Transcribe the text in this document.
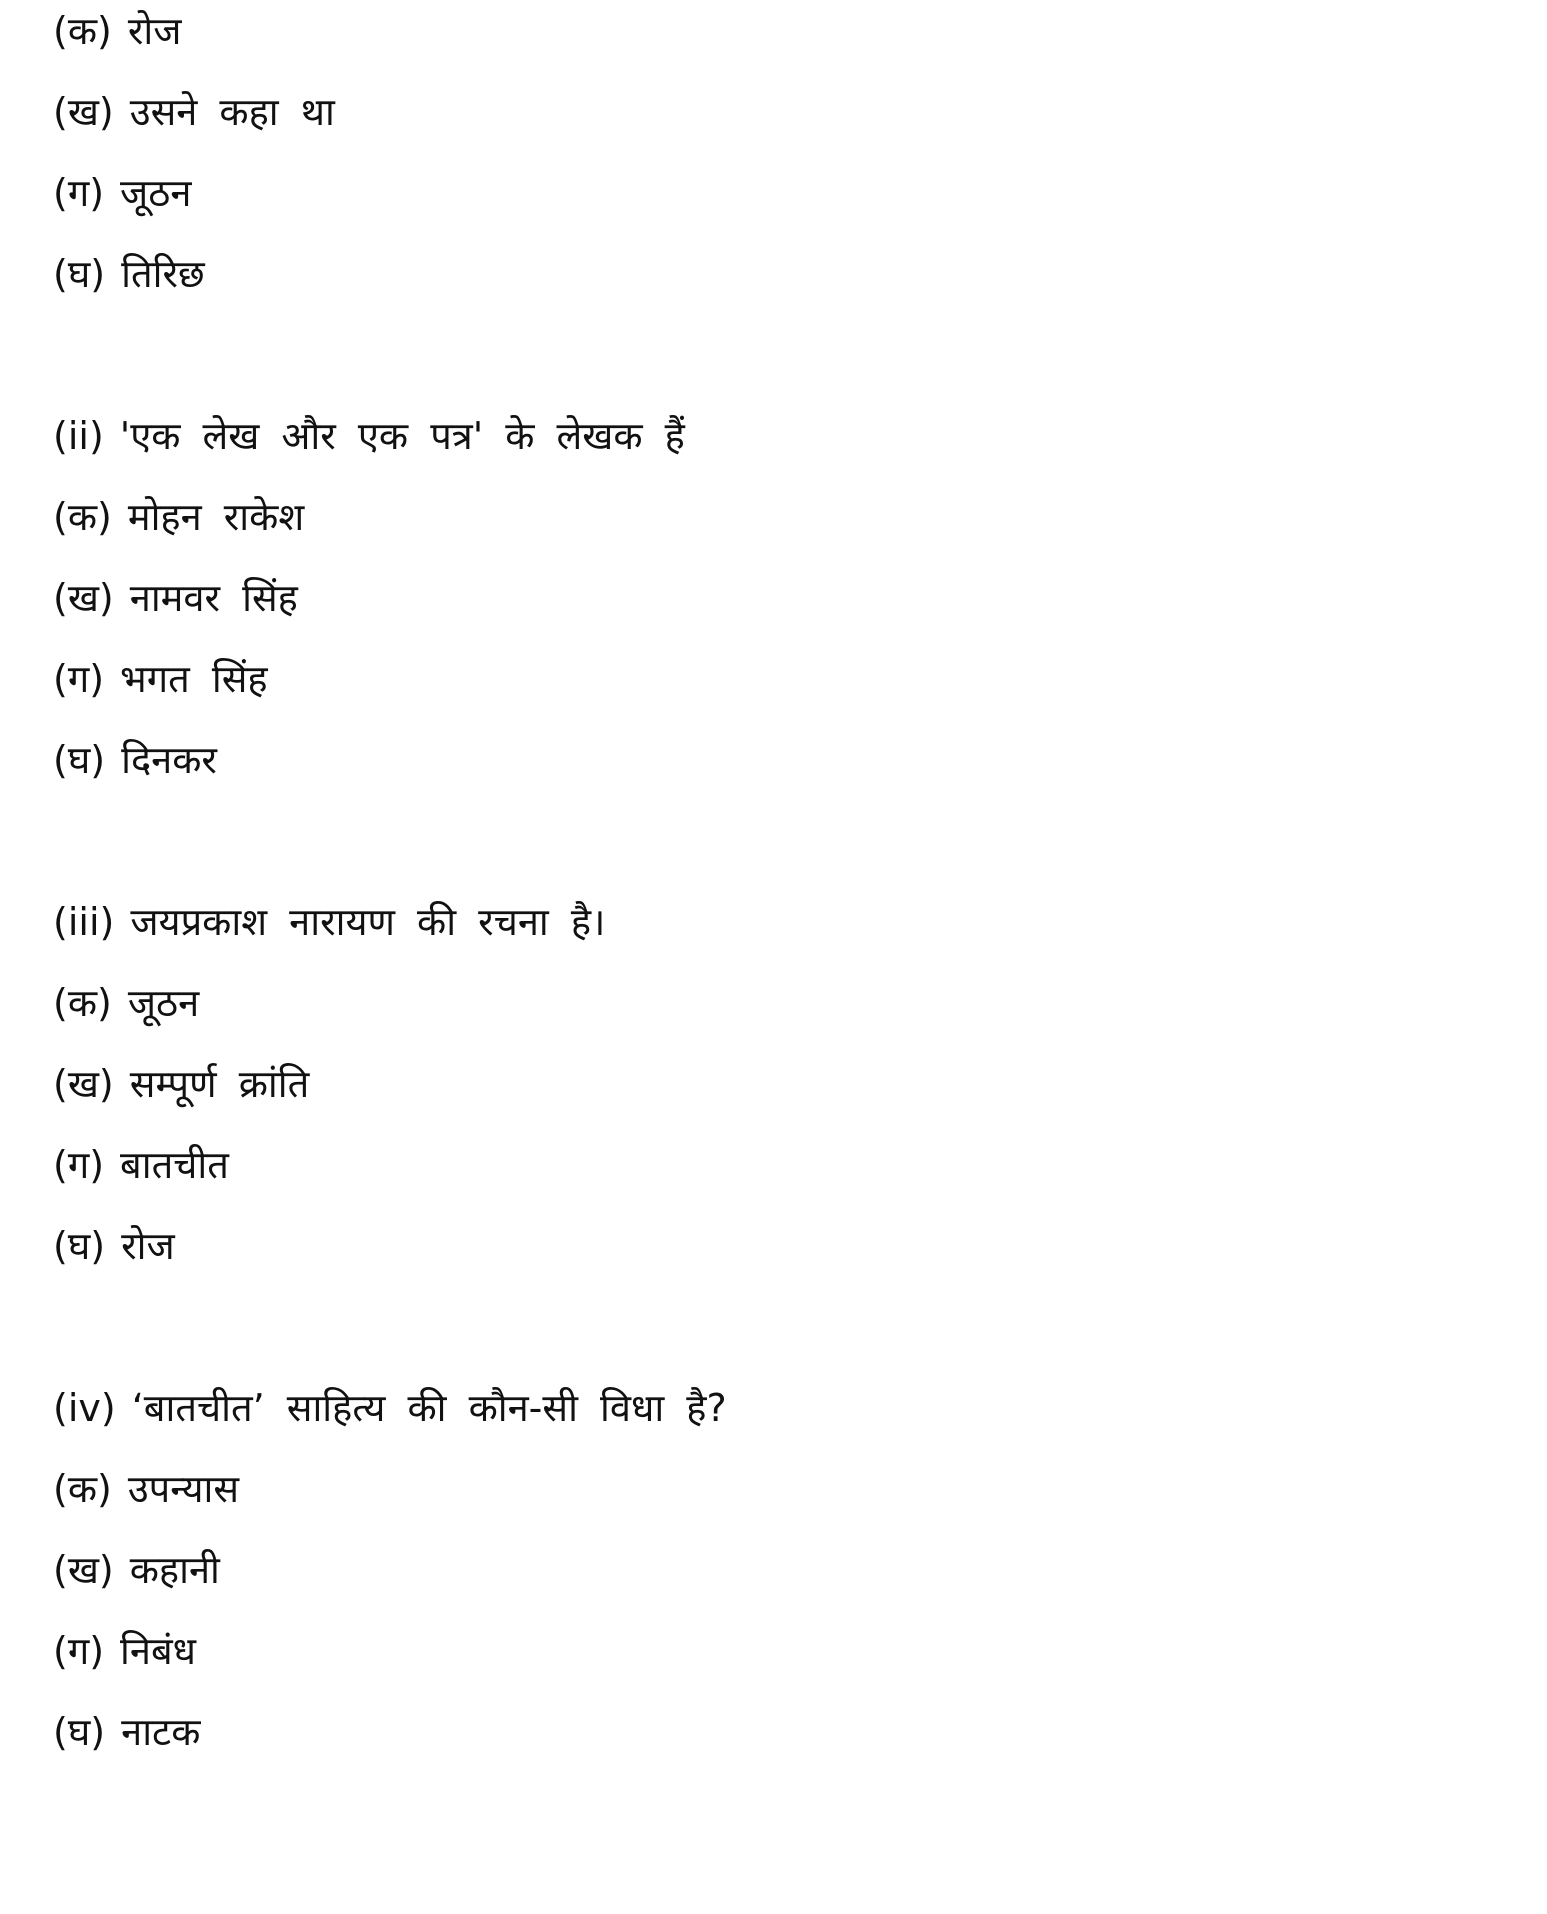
(क) रोज
(ख) उसने कहा था
(ग) जूठन
(घ) तिरिछ
(ii) 'एक लेख और एक पत्र' के लेखक हैं
(क) मोहन राकेश
(ख) नामवर सिंह
(ग) भगत सिंह
(घ) दिनकर
(iii) जयप्रकाश नारायण की रचना है।
(क) जूठन
(ख) सम्पूर्ण क्रांति
(ग) बातचीत
(घ) रोज
(iv) ‘बातचीत’ साहित्य की कौन-सी विधा है?
(क) उपन्यास
(ख) कहानी
(ग) निबंध
(घ) नाटक
